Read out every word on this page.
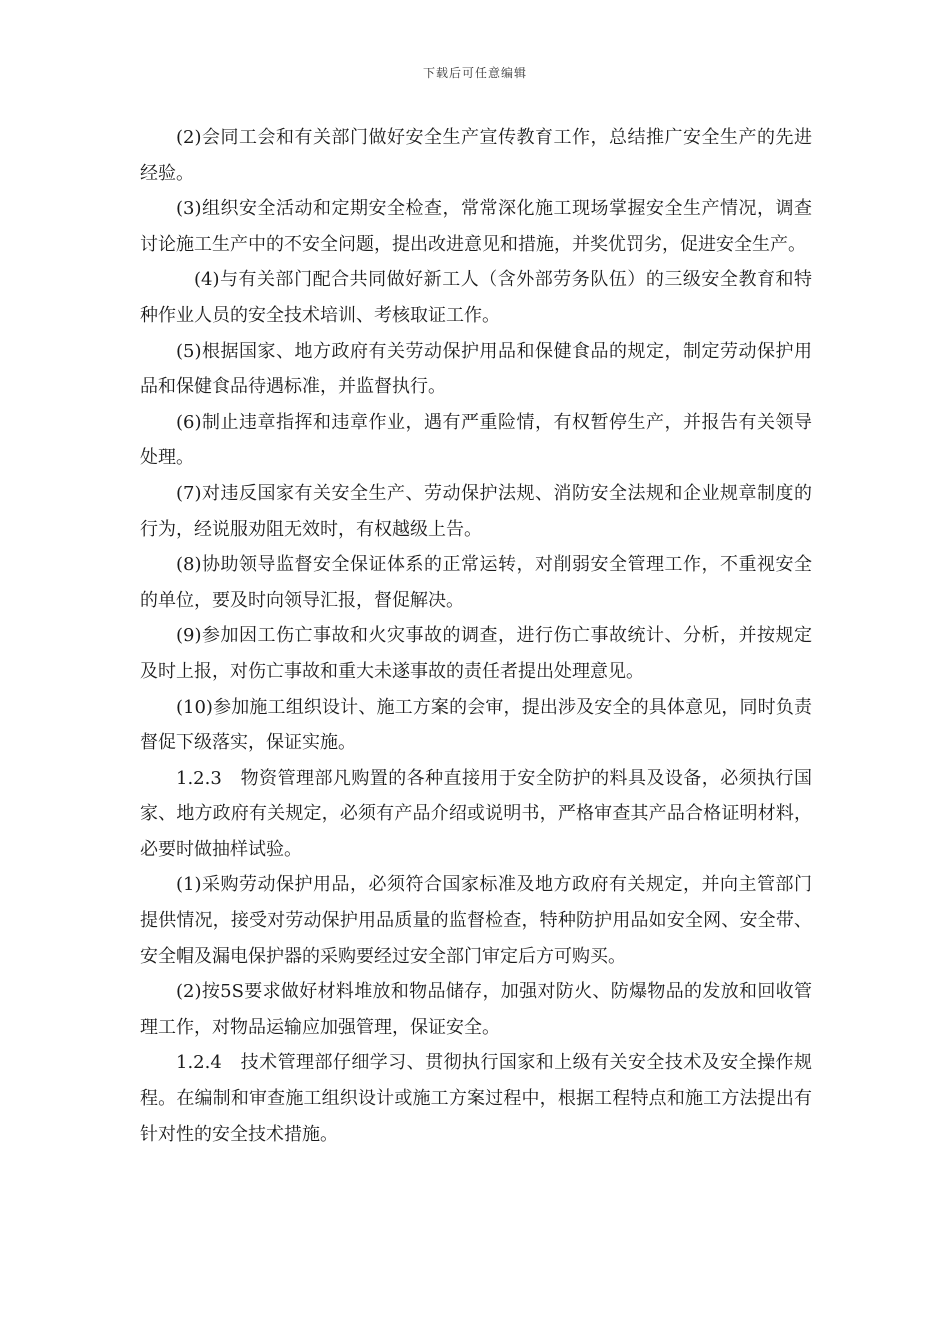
下载后可任意编辑

(2)会同工会和有关部门做好安全生产宣传教育工作，总结推广安全生产的先进经验。

(3)组织安全活动和定期安全检查，常常深化施工现场掌握安全生产情况，调查讨论施工生产中的不安全问题，提出改进意见和措施，并奖优罚劣，促进安全生产。

(4)与有关部门配合共同做好新工人（含外部劳务队伍）的三级安全教育和特种作业人员的安全技术培训、考核取证工作。

(5)根据国家、地方政府有关劳动保护用品和保健食品的规定，制定劳动保护用品和保健食品待遇标准，并监督执行。

(6)制止违章指挥和违章作业，遇有严重险情，有权暂停生产，并报告有关领导处理。

(7)对违反国家有关安全生产、劳动保护法规、消防安全法规和企业规章制度的行为，经说服劝阻无效时，有权越级上告。

(8)协助领导监督安全保证体系的正常运转，对削弱安全管理工作，不重视安全的单位，要及时向领导汇报，督促解决。

(9)参加因工伤亡事故和火灾事故的调查，进行伤亡事故统计、分析，并按规定及时上报，对伤亡事故和重大未遂事故的责任者提出处理意见。

(10)参加施工组织设计、施工方案的会审，提出涉及安全的具体意见，同时负责督促下级落实，保证实施。

1.2.3　物资管理部凡购置的各种直接用于安全防护的料具及设备，必须执行国家、地方政府有关规定，必须有产品介绍或说明书，严格审查其产品合格证明材料，必要时做抽样试验。

(1)采购劳动保护用品，必须符合国家标准及地方政府有关规定，并向主管部门提供情况，接受对劳动保护用品质量的监督检查，特种防护用品如安全网、安全带、安全帽及漏电保护器的采购要经过安全部门审定后方可购买。

(2)按5S要求做好材料堆放和物品储存，加强对防火、防爆物品的发放和回收管理工作，对物品运输应加强管理，保证安全。

1.2.4　技术管理部仔细学习、贯彻执行国家和上级有关安全技术及安全操作规程。在编制和审查施工组织设计或施工方案过程中，根据工程特点和施工方法提出有针对性的安全技术措施。
